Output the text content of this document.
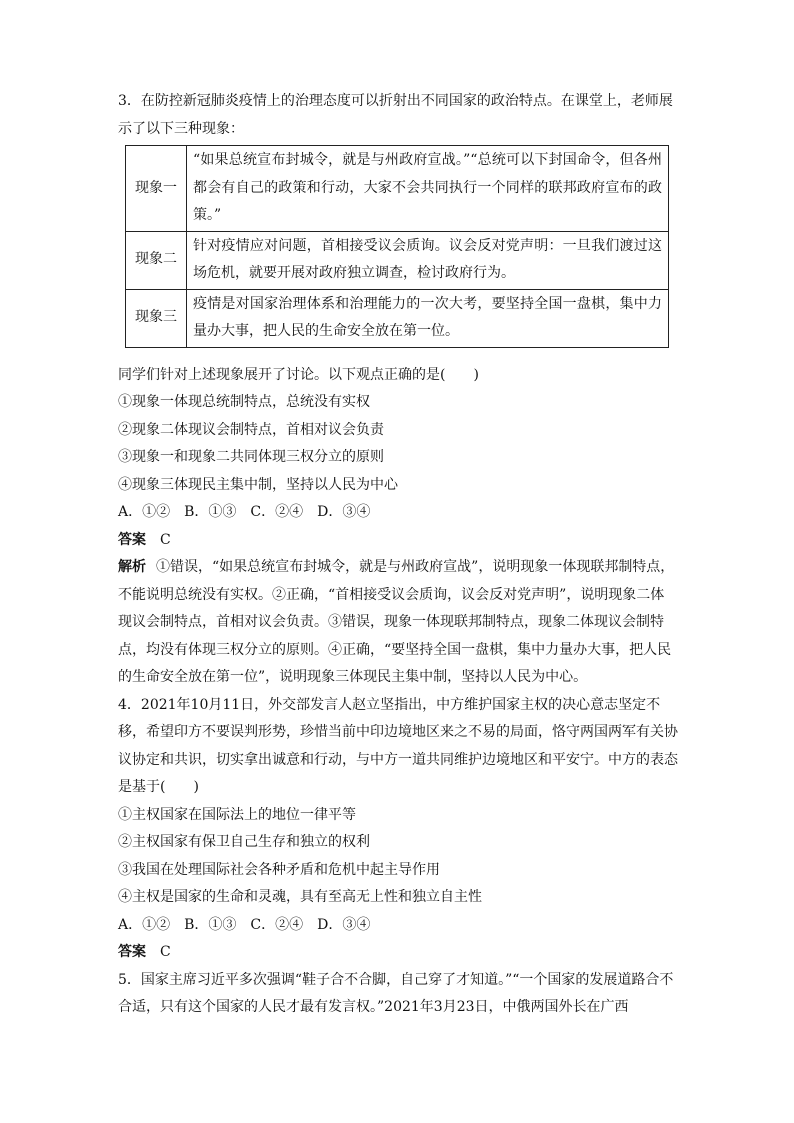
3．在防控新冠肺炎疫情上的治理态度可以折射出不同国家的政治特点。在课堂上，老师展示了以下三种现象：

现象一	“如果总统宣布封城令，就是与州政府宣战。”“总统可以下封国命令，但各州都会有自己的政策和行动，大家不会共同执行一个同样的联邦政府宣布的政策。”
现象二	针对疫情应对问题，首相接受议会质询。议会反对党声明：一旦我们渡过这场危机，就要开展对政府独立调查，检讨政府行为。
现象三	疫情是对国家治理体系和治理能力的一次大考，要坚持全国一盘棋，集中力量办大事，把人民的生命安全放在第一位。

同学们针对上述现象展开了讨论。以下观点正确的是(　　)

①现象一体现总统制特点，总统没有实权

②现象二体现议会制特点，首相对议会负责

③现象一和现象二共同体现三权分立的原则

④现象三体现民主集中制，坚持以人民为中心

A．①②　B．①③　C．②④　D．③④

答案 C

解析 ①错误，“如果总统宣布封城令，就是与州政府宣战”，说明现象一体现联邦制特点，不能说明总统没有实权。②正确，“首相接受议会质询，议会反对党声明”，说明现象二体现议会制特点，首相对议会负责。③错误，现象一体现联邦制特点，现象二体现议会制特点，均没有体现三权分立的原则。④正确，“要坚持全国一盘棋，集中力量办大事，把人民的生命安全放在第一位”，说明现象三体现民主集中制，坚持以人民为中心。

4．2021年10月11日，外交部发言人赵立坚指出，中方维护国家主权的决心意志坚定不移，希望印方不要误判形势，珍惜当前中印边境地区来之不易的局面，恪守两国两军有关协议协定和共识，切实拿出诚意和行动，与中方一道共同维护边境地区和平安宁。中方的表态是基于(　　)

①主权国家在国际法上的地位一律平等

②主权国家有保卫自己生存和独立的权利

③我国在处理国际社会各种矛盾和危机中起主导作用

④主权是国家的生命和灵魂，具有至高无上性和独立自主性

A．①②　B．①③　C．②④　D．③④

答案 C

5．国家主席习近平多次强调“鞋子合不合脚，自己穿了才知道。”“一个国家的发展道路合不合适，只有这个国家的人民才最有发言权。”2021年3月23日，中俄两国外长在广西
